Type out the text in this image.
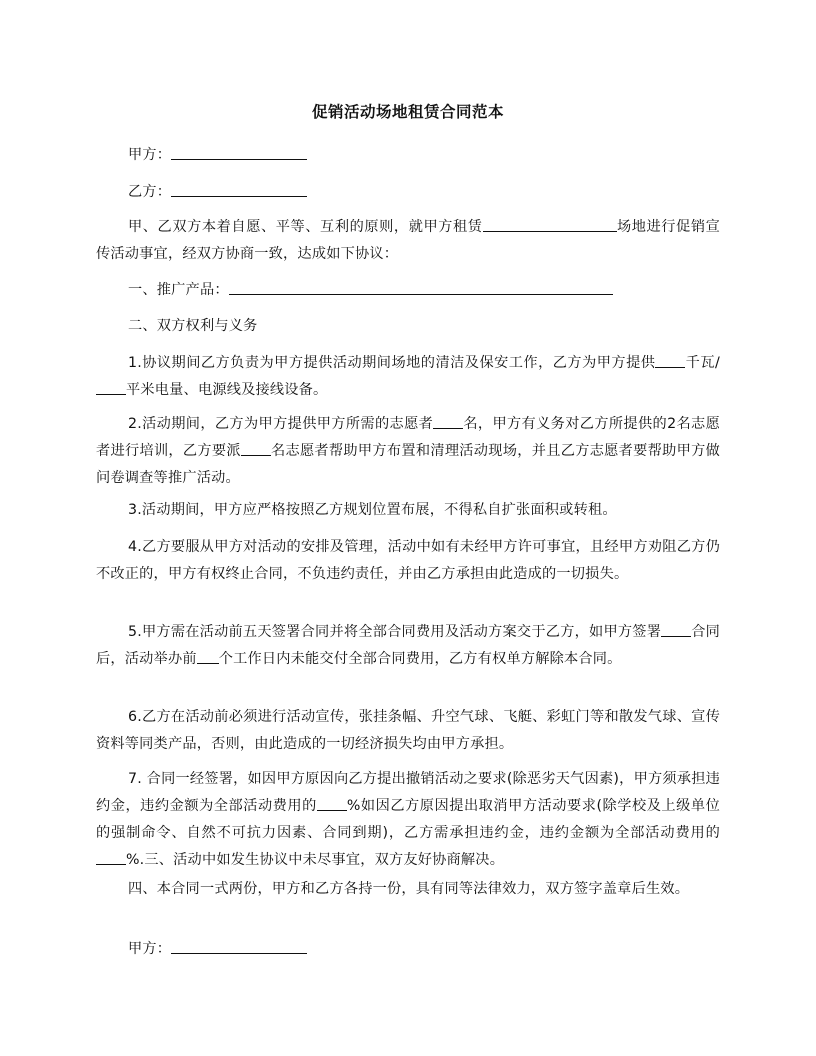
促销活动场地租赁合同范本

甲方：

乙方：

甲、乙双方本着自愿、平等、互利的原则，就甲方租赁	场地进行促销宣传活动事宜，经双方协商一致，达成如下协议：

一、推广产品：

二、双方权利与义务

1.协议期间乙方负责为甲方提供活动期间场地的清洁及保安工作，乙方为甲方提供 千瓦/平米电量、电源线及接线设备。

2.活动期间，乙方为甲方提供甲方所需的志愿者 名，甲方有义务对乙方所提供的2名志愿者进行培训，乙方要派 名志愿者帮助甲方布置和清理活动现场，并且乙方志愿者要帮助甲方做问卷调查等推广活动。

3.活动期间，甲方应严格按照乙方规划位置布展，不得私自扩张面积或转租。

4.乙方要服从甲方对活动的安排及管理，活动中如有未经甲方许可事宜，且经甲方劝阻乙方仍不改正的，甲方有权终止合同，不负违约责任，并由乙方承担由此造成的一切损失。

5.甲方需在活动前五天签署合同并将全部合同费用及活动方案交于乙方，如甲方签署 合同后，活动举办前 个工作日内未能交付全部合同费用，乙方有权单方解除本合同。

6.乙方在活动前必须进行活动宣传，张挂条幅、升空气球、飞艇、彩虹门等和散发气球、宣传资料等同类产品，否则，由此造成的一切经济损失均由甲方承担。

7. 合同一经签署，如因甲方原因向乙方提出撤销活动之要求(除恶劣天气因素)，甲方须承担违约金，违约金额为全部活动费用的 %如因乙方原因提出取消甲方活动要求(除学校及上级单位的强制命令、自然不可抗力因素、合同到期)，乙方需承担违约金，违约金额为全部活动费用的%.三、活动中如发生协议中未尽事宜，双方友好协商解决。

四、本合同一式两份，甲方和乙方各持一份，具有同等法律效力，双方签字盖章后生效。

甲方：
